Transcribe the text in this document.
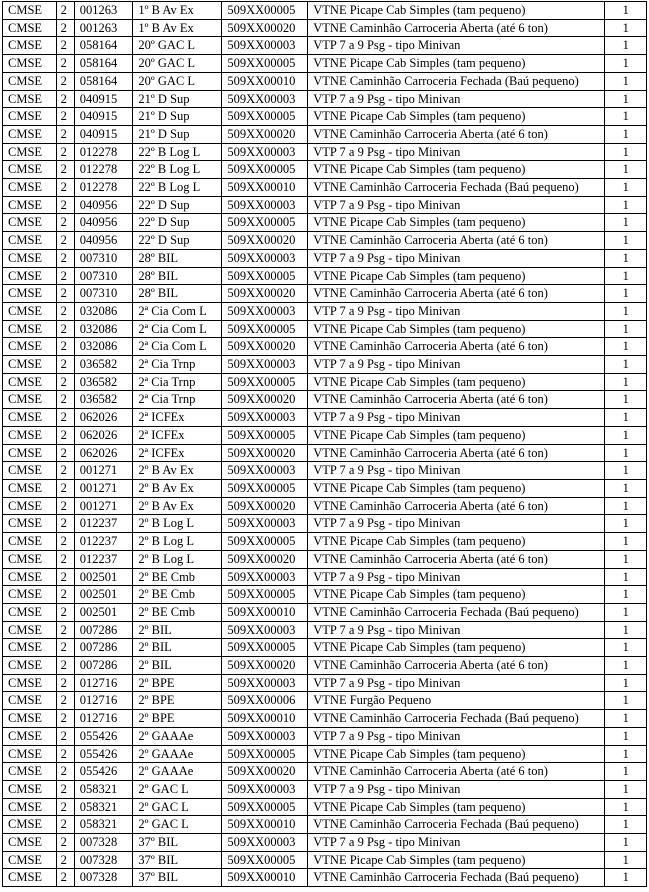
CMSE	2	001263	1º B Av Ex	509XX00005	VTNE Picape Cab Simples (tam pequeno)	1
CMSE	2	001263	1º B Av Ex	509XX00020	VTNE Caminhão Carroceria Aberta (até 6 ton)	1
CMSE	2	058164	20º GAC L	509XX00003	VTP 7 a 9 Psg - tipo Minivan	1
CMSE	2	058164	20º GAC L	509XX00005	VTNE Picape Cab Simples (tam pequeno)	1
CMSE	2	058164	20º GAC L	509XX00010	VTNE Caminhão Carroceria Fechada (Baú pequeno)	1
CMSE	2	040915	21º D Sup	509XX00003	VTP 7 a 9 Psg - tipo Minivan	1
CMSE	2	040915	21º D Sup	509XX00005	VTNE Picape Cab Simples (tam pequeno)	1
CMSE	2	040915	21º D Sup	509XX00020	VTNE Caminhão Carroceria Aberta (até 6 ton)	1
CMSE	2	012278	22º B Log L	509XX00003	VTP 7 a 9 Psg - tipo Minivan	1
CMSE	2	012278	22º B Log L	509XX00005	VTNE Picape Cab Simples (tam pequeno)	1
CMSE	2	012278	22º B Log L	509XX00010	VTNE Caminhão Carroceria Fechada (Baú pequeno)	1
CMSE	2	040956	22º D Sup	509XX00003	VTP 7 a 9 Psg - tipo Minivan	1
CMSE	2	040956	22º D Sup	509XX00005	VTNE Picape Cab Simples (tam pequeno)	1
CMSE	2	040956	22º D Sup	509XX00020	VTNE Caminhão Carroceria Aberta (até 6 ton)	1
CMSE	2	007310	28º BIL	509XX00003	VTP 7 a 9 Psg - tipo Minivan	1
CMSE	2	007310	28º BIL	509XX00005	VTNE Picape Cab Simples (tam pequeno)	1
CMSE	2	007310	28º BIL	509XX00020	VTNE Caminhão Carroceria Aberta (até 6 ton)	1
CMSE	2	032086	2ª Cia Com L	509XX00003	VTP 7 a 9 Psg - tipo Minivan	1
CMSE	2	032086	2ª Cia Com L	509XX00005	VTNE Picape Cab Simples (tam pequeno)	1
CMSE	2	032086	2ª Cia Com L	509XX00020	VTNE Caminhão Carroceria Aberta (até 6 ton)	1
CMSE	2	036582	2ª Cia Trnp	509XX00003	VTP 7 a 9 Psg - tipo Minivan	1
CMSE	2	036582	2ª Cia Trnp	509XX00005	VTNE Picape Cab Simples (tam pequeno)	1
CMSE	2	036582	2ª Cia Trnp	509XX00020	VTNE Caminhão Carroceria Aberta (até 6 ton)	1
CMSE	2	062026	2ª ICFEx	509XX00003	VTP 7 a 9 Psg - tipo Minivan	1
CMSE	2	062026	2ª ICFEx	509XX00005	VTNE Picape Cab Simples (tam pequeno)	1
CMSE	2	062026	2ª ICFEx	509XX00020	VTNE Caminhão Carroceria Aberta (até 6 ton)	1
CMSE	2	001271	2º B Av Ex	509XX00003	VTP 7 a 9 Psg - tipo Minivan	1
CMSE	2	001271	2º B Av Ex	509XX00005	VTNE Picape Cab Simples (tam pequeno)	1
CMSE	2	001271	2º B Av Ex	509XX00020	VTNE Caminhão Carroceria Aberta (até 6 ton)	1
CMSE	2	012237	2º B Log L	509XX00003	VTP 7 a 9 Psg - tipo Minivan	1
CMSE	2	012237	2º B Log L	509XX00005	VTNE Picape Cab Simples (tam pequeno)	1
CMSE	2	012237	2º B Log L	509XX00020	VTNE Caminhão Carroceria Aberta (até 6 ton)	1
CMSE	2	002501	2º BE Cmb	509XX00003	VTP 7 a 9 Psg - tipo Minivan	1
CMSE	2	002501	2º BE Cmb	509XX00005	VTNE Picape Cab Simples (tam pequeno)	1
CMSE	2	002501	2º BE Cmb	509XX00010	VTNE Caminhão Carroceria Fechada (Baú pequeno)	1
CMSE	2	007286	2º BIL	509XX00003	VTP 7 a 9 Psg - tipo Minivan	1
CMSE	2	007286	2º BIL	509XX00005	VTNE Picape Cab Simples (tam pequeno)	1
CMSE	2	007286	2º BIL	509XX00020	VTNE Caminhão Carroceria Aberta (até 6 ton)	1
CMSE	2	012716	2º BPE	509XX00003	VTP 7 a 9 Psg - tipo Minivan	1
CMSE	2	012716	2º BPE	509XX00006	VTNE Furgão Pequeno	1
CMSE	2	012716	2º BPE	509XX00010	VTNE Caminhão Carroceria Fechada (Baú pequeno)	1
CMSE	2	055426	2º GAAAe	509XX00003	VTP 7 a 9 Psg - tipo Minivan	1
CMSE	2	055426	2º GAAAe	509XX00005	VTNE Picape Cab Simples (tam pequeno)	1
CMSE	2	055426	2º GAAAe	509XX00020	VTNE Caminhão Carroceria Aberta (até 6 ton)	1
CMSE	2	058321	2º GAC L	509XX00003	VTP 7 a 9 Psg - tipo Minivan	1
CMSE	2	058321	2º GAC L	509XX00005	VTNE Picape Cab Simples (tam pequeno)	1
CMSE	2	058321	2º GAC L	509XX00010	VTNE Caminhão Carroceria Fechada (Baú pequeno)	1
CMSE	2	007328	37º BIL	509XX00003	VTP 7 a 9 Psg - tipo Minivan	1
CMSE	2	007328	37º BIL	509XX00005	VTNE Picape Cab Simples (tam pequeno)	1
CMSE	2	007328	37º BIL	509XX00010	VTNE Caminhão Carroceria Fechada (Baú pequeno)	1
